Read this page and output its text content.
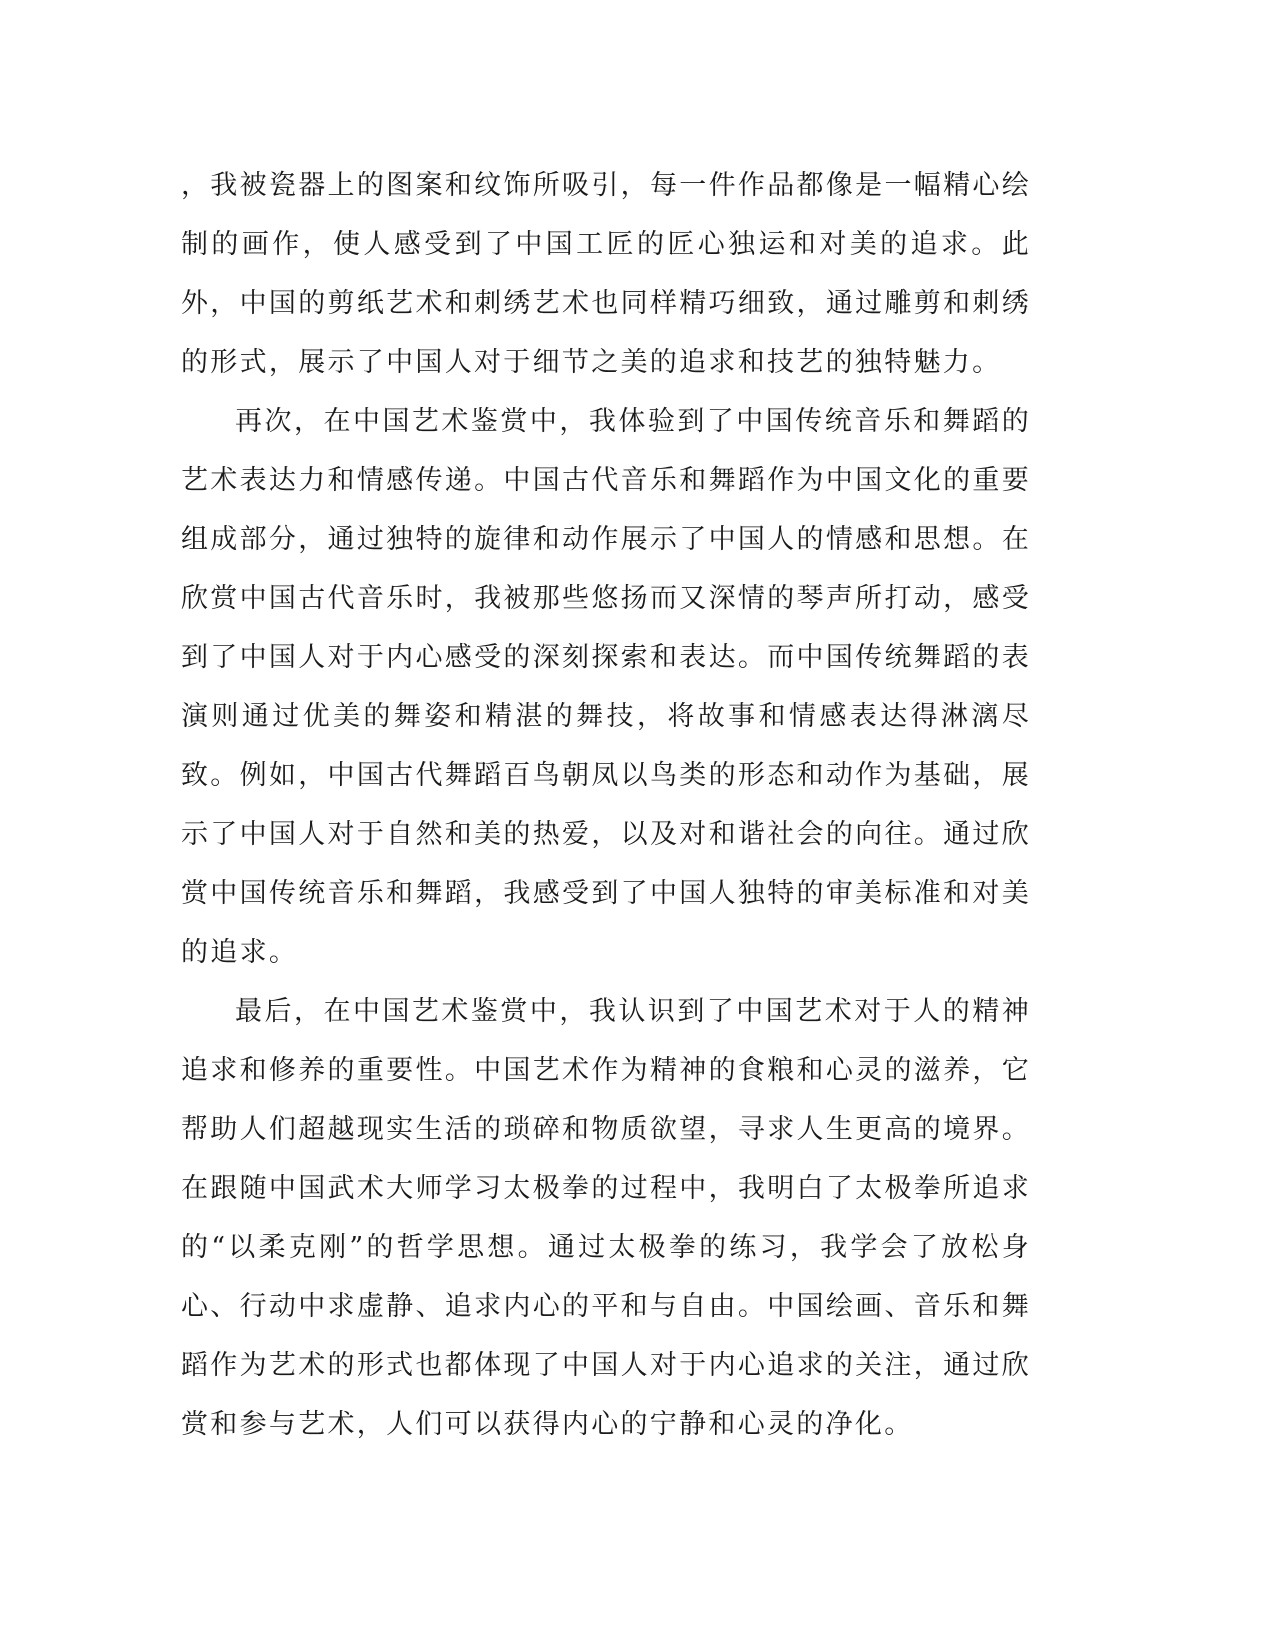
，我被瓷器上的图案和纹饰所吸引，每一件作品都像是一幅精心绘制的画作，使人感受到了中国工匠的匠心独运和对美的追求。此外，中国的剪纸艺术和刺绣艺术也同样精巧细致，通过雕剪和刺绣的形式，展示了中国人对于细节之美的追求和技艺的独特魅力。

再次，在中国艺术鉴赏中，我体验到了中国传统音乐和舞蹈的艺术表达力和情感传递。中国古代音乐和舞蹈作为中国文化的重要组成部分，通过独特的旋律和动作展示了中国人的情感和思想。在欣赏中国古代音乐时，我被那些悠扬而又深情的琴声所打动，感受到了中国人对于内心感受的深刻探索和表达。而中国传统舞蹈的表演则通过优美的舞姿和精湛的舞技，将故事和情感表达得淋漓尽致。例如，中国古代舞蹈百鸟朝凤以鸟类的形态和动作为基础，展示了中国人对于自然和美的热爱，以及对和谐社会的向往。通过欣赏中国传统音乐和舞蹈，我感受到了中国人独特的审美标准和对美的追求。

最后，在中国艺术鉴赏中，我认识到了中国艺术对于人的精神追求和修养的重要性。中国艺术作为精神的食粮和心灵的滋养，它帮助人们超越现实生活的琐碎和物质欲望，寻求人生更高的境界。在跟随中国武术大师学习太极拳的过程中，我明白了太极拳所追求的“以柔克刚”的哲学思想。通过太极拳的练习，我学会了放松身心、行动中求虚静、追求内心的平和与自由。中国绘画、音乐和舞蹈作为艺术的形式也都体现了中国人对于内心追求的关注，通过欣赏和参与艺术，人们可以获得内心的宁静和心灵的净化。
